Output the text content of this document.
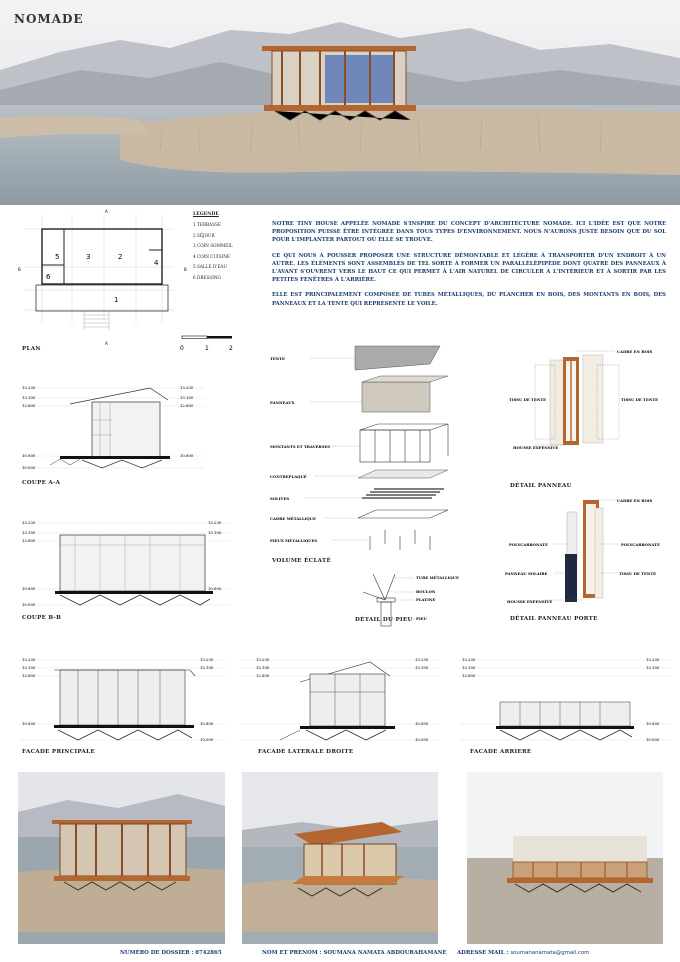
NOMADE
5	3	2
4
6
1
A
A
B	B
LÉGENDE
1 TERRASSE
2 SÉJOUR
3 COIN SOMMEIL
4 COIN CUISINE
5 SALLE D'EAU
6 DRESSING
PLAN	0	1	2

NOTRE TINY HOUSE APPELÉE NOMADE S'INSPIRE DU CONCEPT D'ARCHITECTURE NOMADE. ICI L'IDÉE EST QUE NOTRE PROPOSITION PUISSE ÊTRE INTÉGRÉE DANS TOUS TYPES D'ENVIRONNEMENT. NOUS N'AURONS JUSTE BESOIN QUE DU SOL POUR L'IMPLANTER PARTOUT OÙ ELLE SE TROUVE.

CE QUI NOUS A POUSSER PROPOSER UNE STRUCTURE DÉMONTABLE ET LÉGÈRE À TRANSPORTER D'UN ENDROIT À UN AUTRE. LES ÉLÉMENTS SONT ASSEMBLÉS DE TEL SORTE À FORMER UN PARALLÉLÉPIPÈDE DONT QUATRE DES PANNEAUX À L'AVANT S'OUVRENT VERS LE HAUT CE QUI PERMET À L'AIR NATUREL DE CIRCULER À L'INTÉRIEUR ET À SORTIR PAR LES PETITES FENÊTRES À L'ARRIÈRE.

ELLE EST PRINCIPALEMENT COMPOSÉE DE TUBES MÉTALLIQUES, DU PLANCHER EN BOIS, DES MONTANTS EN BOIS, DES PANNEAUX ET LA TENTE QUI REPRÉSENTE LE VOILE.

13.230
13.100
12.800
10.800
10.000
13.230
13.100
12.800
10.800
COUPE A-A
13.230
13.100
12.800
10.800
10.000
13.230
13.100
10.800
COUPE B-B
TENTE
PANNEAUX
MONTANTS ET TRAVERSES
CONTREPLAQUÉ
SOLIVES
CADRE MÉTALLIQUE
PIEUX MÉTALLIQUES
VOLUME ÉCLATÉ
TUBE MÉTALLIQUE
BOULON
PLATINE
PIEU
DÉTAIL DU PIEU
CADRE EN BOIS
TISSU DE TENTE	TISSU DE TENTE
HOUSSE EXPENSIVE
DÉTAIL PANNEAU
CADRE EN BOIS
POLYCARBONATE	POLYCARBONATE
PANNEAU SOLAIRE	TISSU DE TENTE
HOUSSE EXPENSIVE
DÉTAIL PANNEAU PORTE
13.230
13.100
12.800
10.800
13.230
13.100
10.800
10.000
FACADE PRINCIPALE
13.230
13.100
12.800
13.230
13.100
10.800
10.000
FACADE LATERALE DROITE
13.230
13.100
12.800
13.230
13.100
10.800
10.000
FACADE ARRIERE
NUMÉRO DE DOSSIER : 8742865	NOM ET PRENOM : SOUMANA NAMATA ABDOURAHAMANE ADRESSE MAIL : soumananamata@gmail.com
